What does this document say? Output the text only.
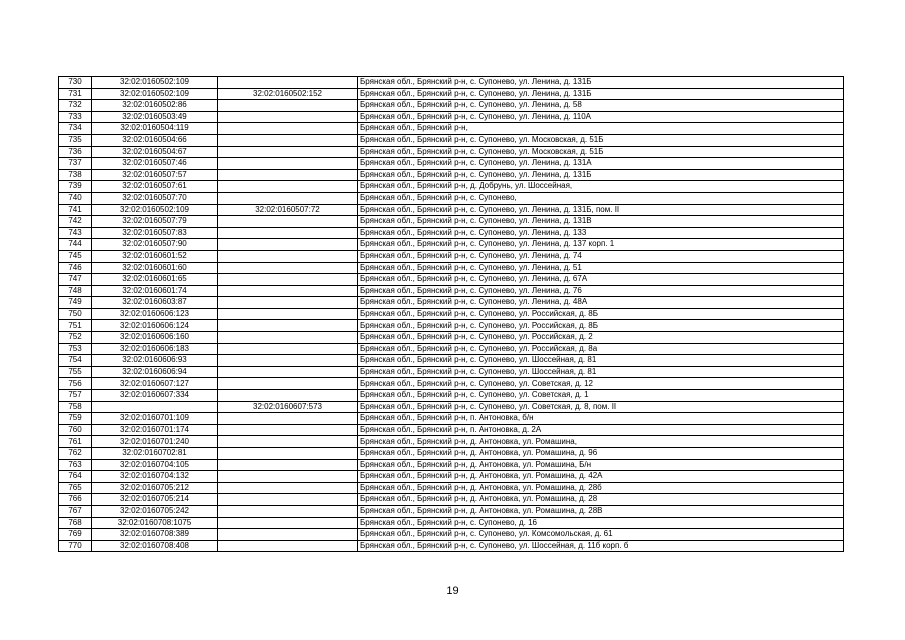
730	32:02:0160502:109		Брянская обл., Брянский р-н, с. Супонево, ул. Ленина, д. 131Б
731	32:02:0160502:109	32:02:0160502:152	Брянская обл., Брянский р-н, с. Супонево, ул. Ленина, д. 131Б
732	32:02:0160502:86		Брянская обл., Брянский р-н, с. Супонево, ул. Ленина, д. 58
733	32:02:0160503:49		Брянская обл., Брянский р-н, с. Супонево, ул. Ленина, д. 110А
734	32:02:0160504:119		Брянская обл., Брянский р-н,
735	32:02:0160504:66		Брянская обл., Брянский р-н, с. Супонево, ул. Московская, д. 51Б
736	32:02:0160504:67		Брянская обл., Брянский р-н, с. Супонево, ул. Московская, д. 51Б
737	32:02:0160507:46		Брянская обл., Брянский р-н, с. Супонево, ул. Ленина, д. 131А
738	32:02:0160507:57		Брянская обл., Брянский р-н, с. Супонево, ул. Ленина, д. 131Б
739	32:02:0160507:61		Брянская обл., Брянский р-н, д. Добрунь, ул. Шоссейная,
740	32:02:0160507:70		Брянская обл., Брянский р-н, с. Супонево,
741	32:02:0160502:109	32:02:0160507:72	Брянская обл., Брянский р-н, с. Супонево, ул. Ленина, д. 131Б, пом. II
742	32:02:0160507:79		Брянская обл., Брянский р-н, с. Супонево, ул. Ленина, д. 131В
743	32:02:0160507:83		Брянская обл., Брянский р-н, с. Супонево, ул. Ленина, д. 133
744	32:02:0160507:90		Брянская обл., Брянский р-н, с. Супонево, ул. Ленина, д. 137 корп. 1
745	32:02:0160601:52		Брянская обл., Брянский р-н, с. Супонево, ул. Ленина, д. 74
746	32:02:0160601:60		Брянская обл., Брянский р-н, с. Супонево, ул. Ленина, д. 51
747	32:02:0160601:65		Брянская обл., Брянский р-н, с. Супонево, ул. Ленина, д. 67А
748	32:02:0160601:74		Брянская обл., Брянский р-н, с. Супонево, ул. Ленина, д. 76
749	32:02:0160603:87		Брянская обл., Брянский р-н, с. Супонево, ул. Ленина, д. 48А
750	32:02:0160606:123		Брянская обл., Брянский р-н, с. Супонево, ул. Российская, д. 8Б
751	32:02:0160606:124		Брянская обл., Брянский р-н, с. Супонево, ул. Российская, д. 8Б
752	32:02:0160606:160		Брянская обл., Брянский р-н, с. Супонево, ул. Российская, д. 2
753	32:02:0160606:183		Брянская обл., Брянский р-н, с. Супонево, ул. Российская, д. 8а
754	32:02:0160606:93		Брянская обл., Брянский р-н, с. Супонево, ул. Шоссейная, д. 81
755	32:02:0160606:94		Брянская обл., Брянский р-н, с. Супонево, ул. Шоссейная, д. 81
756	32:02:0160607:127		Брянская обл., Брянский р-н, с. Супонево, ул. Советская, д. 12
757	32:02:0160607:334		Брянская обл., Брянский р-н, с. Супонево, ул. Советская, д. 1
758		32:02:0160607:573	Брянская обл., Брянский р-н, с. Супонево, ул. Советская, д. 8, пом. II
759	32:02:0160701:109		Брянская обл., Брянский р-н, п. Антоновка, б/н
760	32:02:0160701:174		Брянская обл., Брянский р-н, п. Антоновка, д. 2А
761	32:02:0160701:240		Брянская обл., Брянский р-н, д. Антоновка, ул. Ромашина,
762	32:02:0160702:81		Брянская обл., Брянский р-н, д. Антоновка, ул. Ромашина, д. 96
763	32:02:0160704:105		Брянская обл., Брянский р-н, д. Антоновка, ул. Ромашина, Б/н
764	32:02:0160704:132		Брянская обл., Брянский р-н, д. Антоновка, ул. Ромашина, д. 42А
765	32:02:0160705:212		Брянская обл., Брянский р-н, д. Антоновка, ул. Ромашина, д. 28б
766	32:02:0160705:214		Брянская обл., Брянский р-н, д. Антоновка, ул. Ромашина, д. 28
767	32:02:0160705:242		Брянская обл., Брянский р-н, д. Антоновка, ул. Ромашина, д. 28В
768	32:02:0160708:1075		Брянская обл., Брянский р-н, с. Супонево, д. 16
769	32:02:0160708:389		Брянская обл., Брянский р-н, с. Супонево, ул. Комсомольская, д. 61
770	32:02:0160708:408		Брянская обл., Брянский р-н, с. Супонево, ул. Шоссейная, д. 11б корп. б
19
